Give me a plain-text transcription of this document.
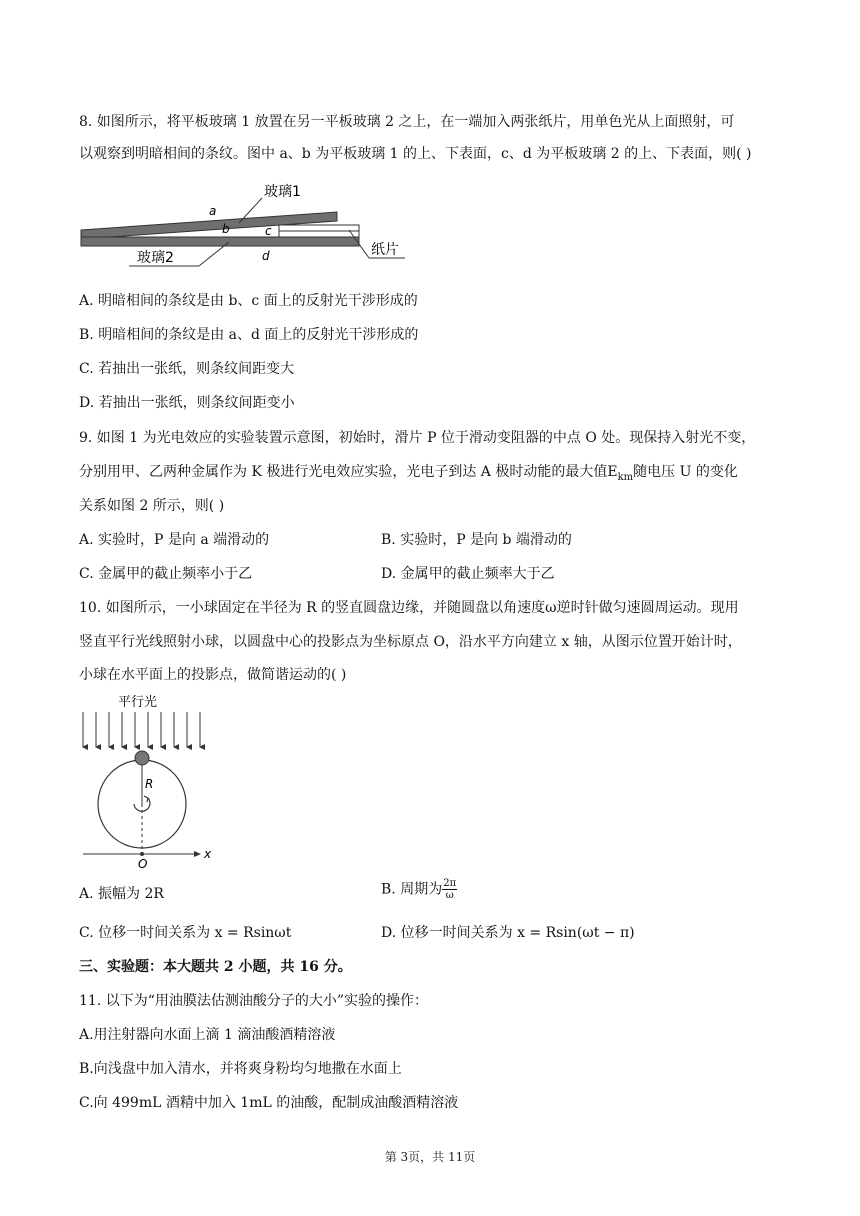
8. 如图所示，将平板玻璃 1 放置在另一平板玻璃 2 之上，在一端加入两张纸片，用单色光从上面照射，可
以观察到明暗相间的条纹。图中 a、b 为平板玻璃 1 的上、下表面，c、d 为平板玻璃 2 的上、下表面，则( )
玻璃1
玻璃2	纸片
a
b	c
d
A. 明暗相间的条纹是由 b、c 面上的反射光干涉形成的
B. 明暗相间的条纹是由 a、d 面上的反射光干涉形成的
C. 若抽出一张纸，则条纹间距变大
D. 若抽出一张纸，则条纹间距变小
9. 如图 1 为光电效应的实验装置示意图，初始时，滑片 P 位于滑动变阻器的中点 O 处。现保持入射光不变，
分别用甲、乙两种金属作为 K 极进行光电效应实验，光电子到达 A 极时动能的最大值$E_{km}$随电压 U 的变化
关系如图 2 所示，则( )
A. 实验时，P 是向 a 端滑动的	B. 实验时，P 是向 b 端滑动的
C. 金属甲的截止频率小于乙	D. 金属甲的截止频率大于乙
10. 如图所示，一小球固定在半径为 R 的竖直圆盘边缘，并随圆盘以角速度ω逆时针做匀速圆周运动。现用
竖直平行光线照射小球，以圆盘中心的投影点为坐标原点 O，沿水平方向建立 x 轴，从图示位置开始计时，
小球在水平面上的投影点，做简谐运动的( )
平行光
R
O
x
A. 振幅为 2R	B. 周期为 $\frac{2\pi}{\omega}$
C. 位移一时间关系为 x = Rsinωt	D. 位移一时间关系为 x = Rsin(ωt − π)
三、实验题：本大题共 2 小题，共 16 分。
11. 以下为“用油膜法估测油酸分子的大小”实验的操作：
A.用注射器向水面上滴 1 滴油酸酒精溶液
B.向浅盘中加入清水，并将爽身粉均匀地撒在水面上
C.向 499mL 酒精中加入 1mL 的油酸，配制成油酸酒精溶液
第 3页，共 11页
